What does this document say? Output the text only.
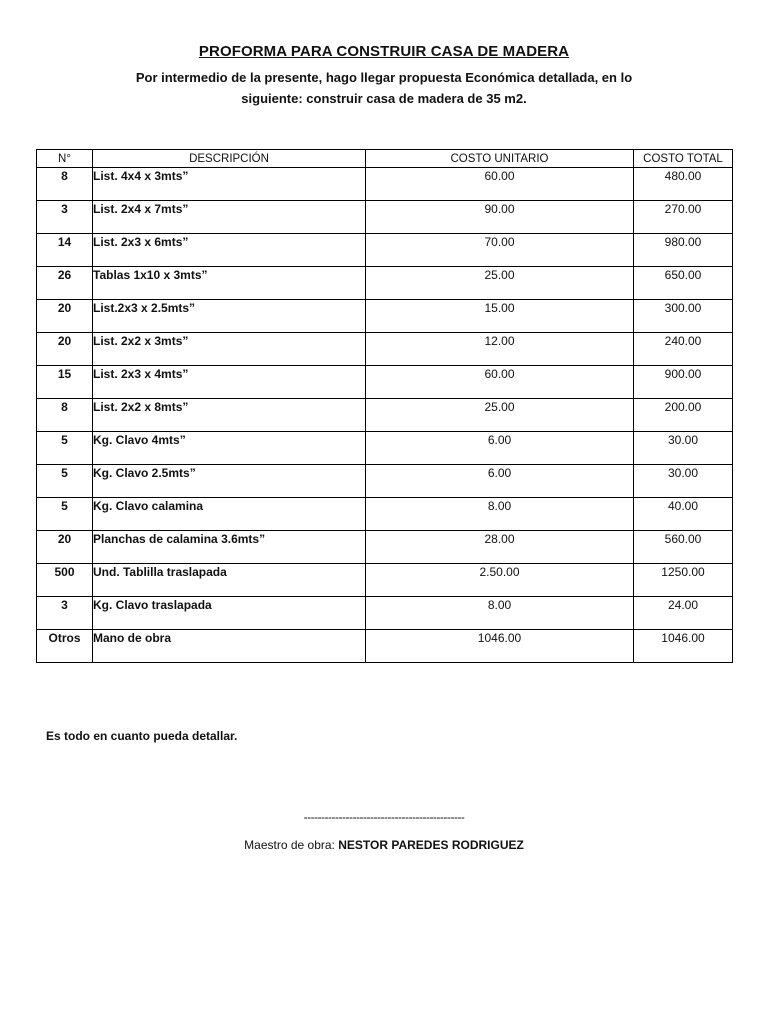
PROFORMA PARA CONSTRUIR CASA DE MADERA
Por intermedio de la presente, hago llegar propuesta Económica detallada, en lo
siguiente: construir casa de madera de 35 m2.
N°	DESCRIPCIÓN	COSTO UNITARIO	COSTO TOTAL
8	List. 4x4 x 3mts”	60.00	480.00
3	List. 2x4 x 7mts”	90.00	270.00
14	List. 2x3 x 6mts”	70.00	980.00
26	Tablas 1x10 x 3mts”	25.00	650.00
20	List.2x3 x 2.5mts”	15.00	300.00
20	List. 2x2 x 3mts”	12.00	240.00
15	List. 2x3 x 4mts”	60.00	900.00
8	List. 2x2 x 8mts”	25.00	200.00
5	Kg. Clavo 4mts”	6.00	30.00
5	Kg. Clavo 2.5mts”	6.00	30.00
5	Kg. Clavo calamina	8.00	40.00
20	Planchas de calamina 3.6mts”	28.00	560.00
500	Und. Tablilla traslapada	2.50.00	1250.00
3	Kg. Clavo traslapada	8.00	24.00
Otros	Mano de obra	1046.00	1046.00
Es todo en cuanto pueda detallar.
----------------------------------------------
Maestro de obra: NESTOR PAREDES RODRIGUEZ
